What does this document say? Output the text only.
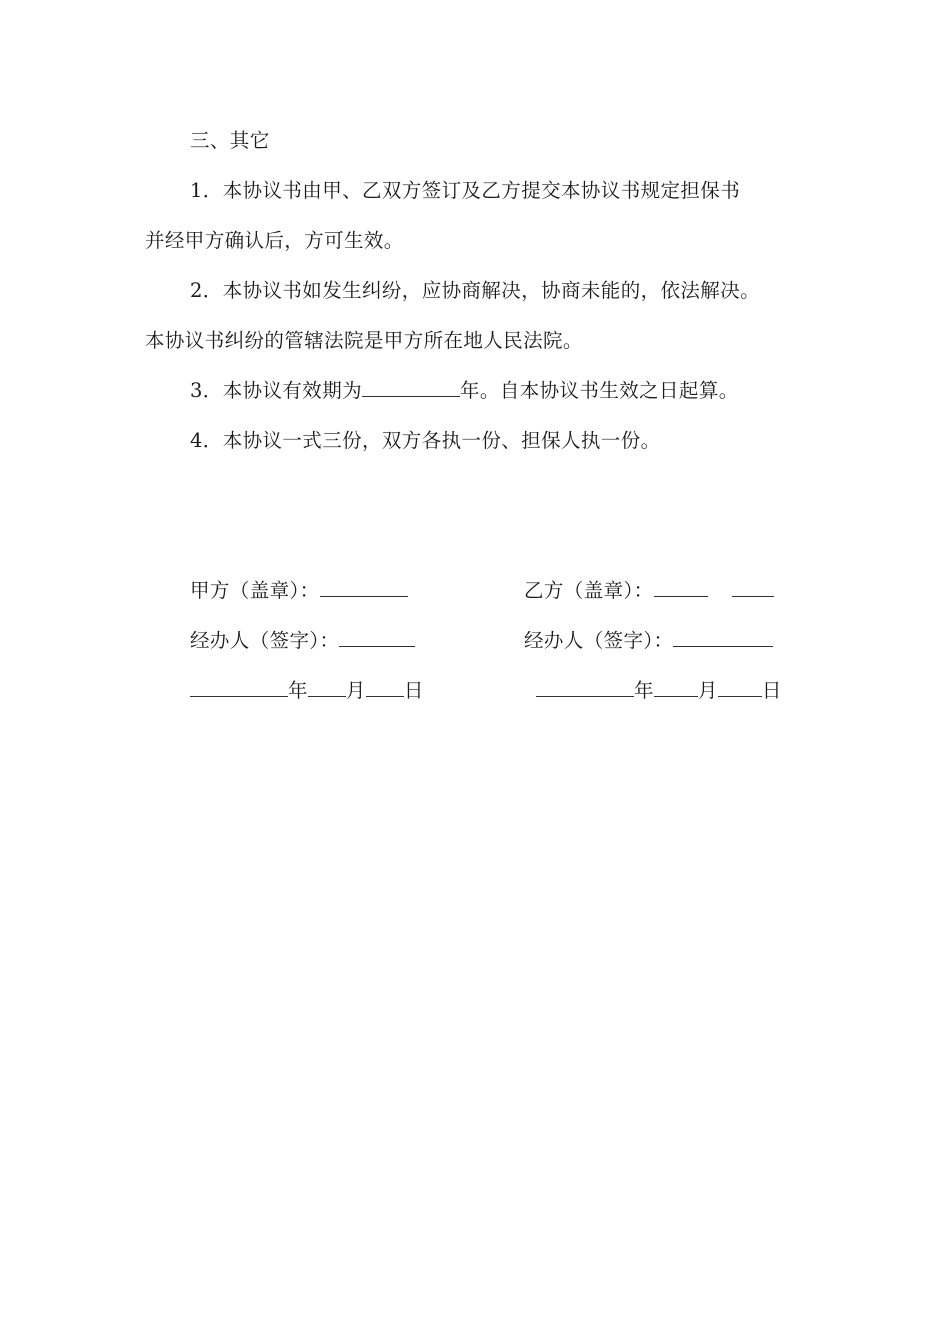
三、其它
1．本协议书由甲、乙双方签订及乙方提交本协议书规定担保书
并经甲方确认后，方可生效。
2．本协议书如发生纠纷，应协商解决，协商未能的，依法解决。
本协议书纠纷的管辖法院是甲方所在地人民法院。
3．本协议有效期为	年。自本协议书生效之日起算。
4．本协议一式三份，双方各执一份、担保人执一份。
甲方（盖章）：
经办人（签字）：
年 月 日
乙方（盖章）：
经办人（签字）：
年 月 日
